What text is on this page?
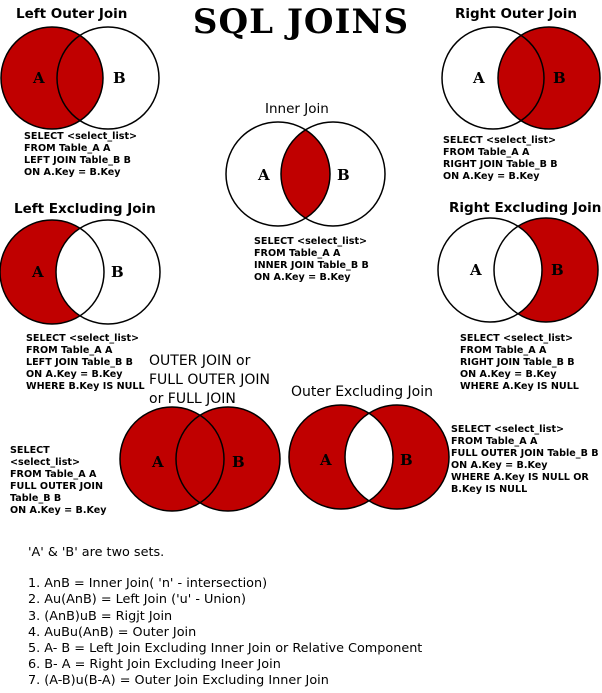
SQL JOINS
Left Outer Join
A	B
SELECT <select_list>
FROM Table_A A
LEFT JOIN Table_B B
ON A.Key = B.Key
Right Outer Join
A	B
SELECT <select_list>
FROM Table_A A
RIGHT JOIN Table_B B
ON A.Key = B.Key
Inner Join
A	B
SELECT <select_list>
FROM Table_A A
INNER JOIN Table_B B
ON A.Key = B.Key
Left Excluding Join
A	B
SELECT <select_list>
FROM Table_A A
LEFT JOIN Table_B B
ON A.Key = B.Key
WHERE B.Key IS NULL
Right Excluding Join
A	B
SELECT <select_list>
FROM Table_A A
RIGHT JOIN Table_B B
ON A.Key = B.Key
WHERE A.Key IS NULL
OUTER JOIN or
FULL OUTER JOIN
or FULL JOIN
A	B
SELECT
<select_list>
FROM Table_A A
FULL OUTER JOIN
Table_B B
ON A.Key = B.Key
Outer Excluding Join
A	B
SELECT <select_list>
FROM Table_A A
FULL OUTER JOIN Table_B B
ON A.Key = B.Key
WHERE A.Key IS NULL OR
B.Key IS NULL
'A' & 'B' are two sets.
1. AnB = Inner Join( 'n' - intersection)
2. Au(AnB) = Left Join ('u' - Union)
3. (AnB)uB = Rigjt Join
4. AuBu(AnB) = Outer Join
5. A- B = Left Join Excluding Inner Join or Relative Component
6. B- A = Right Join Excluding Ineer Join
7. (A-B)u(B-A) = Outer Join Excluding Inner Join
